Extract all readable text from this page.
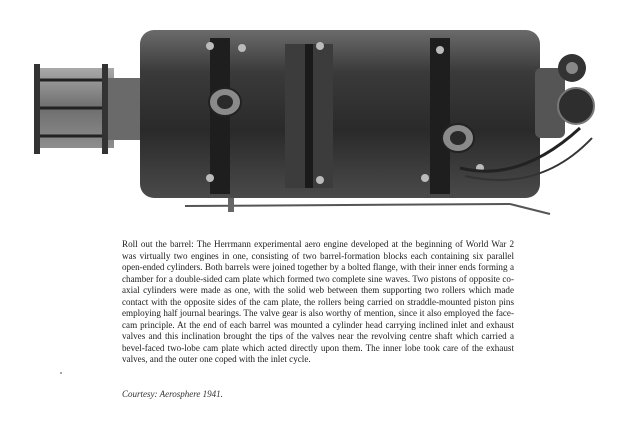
Roll out the barrel: The Herrmann experimental aero engine developed at the beginning of World War 2 was virtually two engines in one, consisting of two barrel-formation blocks each containing six parallel open-ended cylinders. Both barrels were joined together by a bolted flange, with their inner ends forming a chamber for a double-sided cam plate which formed two complete sine waves. Two pistons of opposite co-axial cylinders were made as one, with the solid web between them supporting two rollers which made contact with the opposite sides of the cam plate, the rollers being carried on straddle-mounted piston pins employing half journal bearings. The valve gear is also worthy of mention, since it also employed the face-cam principle. At the end of each barrel was mounted a cylinder head carrying inclined inlet and exhaust valves and this inclination brought the tips of the valves near the revolving centre shaft which carried a bevel-faced two-lobe cam plate which acted directly upon them. The inner lobe took care of the exhaust valves, and the outer one coped with the inlet cycle.

Courtesy: Aerosphere 1941.
